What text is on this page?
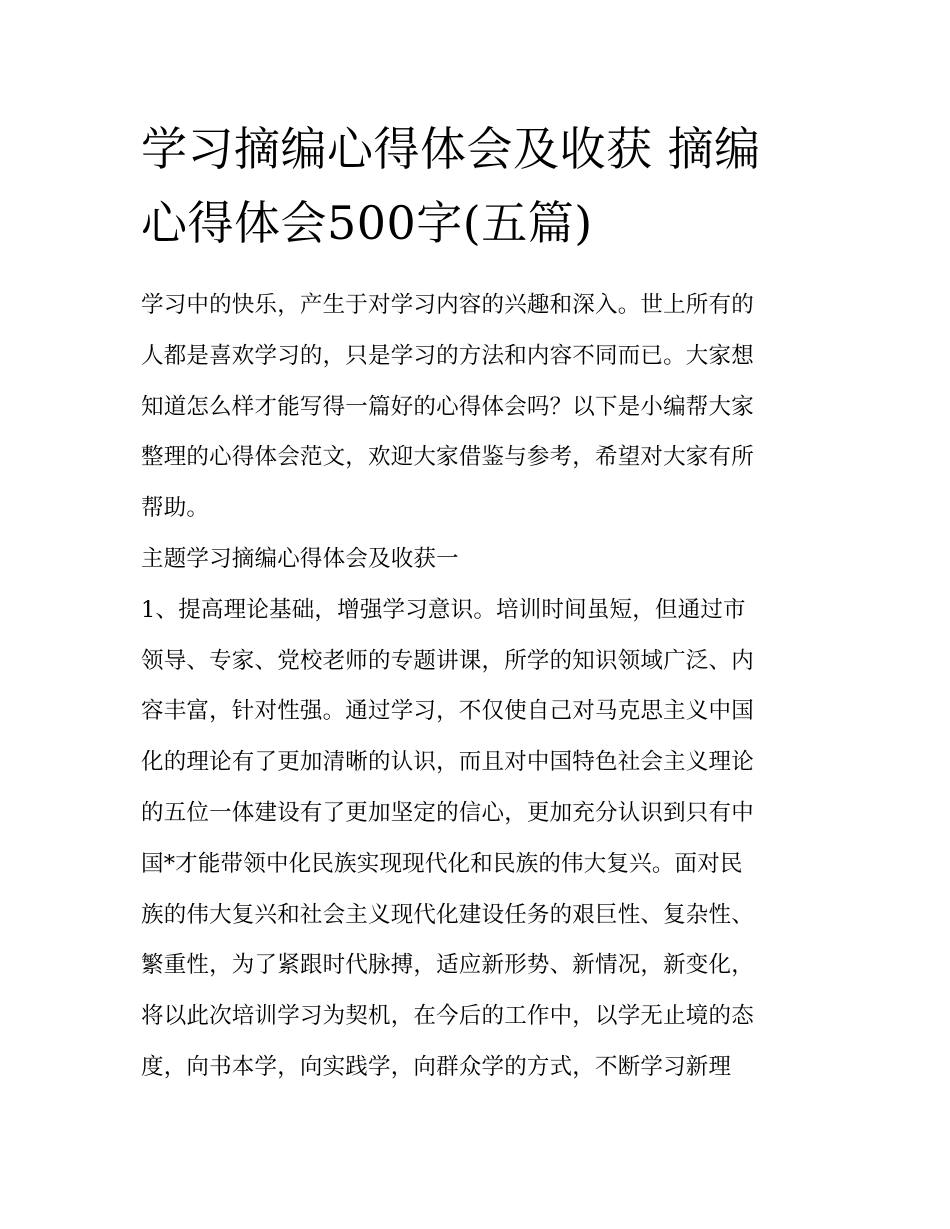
学习摘编心得体会及收获 摘编
心得体会500字(五篇)

学习中的快乐，产生于对学习内容的兴趣和深入。世上所有的

人都是喜欢学习的，只是学习的方法和内容不同而已。大家想

知道怎么样才能写得一篇好的心得体会吗？以下是小编帮大家

整理的心得体会范文，欢迎大家借鉴与参考，希望对大家有所

帮助。

主题学习摘编心得体会及收获一

1、提高理论基础，增强学习意识。培训时间虽短，但通过市

领导、专家、党校老师的专题讲课，所学的知识领域广泛、内

容丰富，针对性强。通过学习，不仅使自己对马克思主义中国

化的理论有了更加清晰的认识，而且对中国特色社会主义理论

的五位一体建设有了更加坚定的信心，更加充分认识到只有中

国*才能带领中化民族实现现代化和民族的伟大复兴。面对民

族的伟大复兴和社会主义现代化建设任务的艰巨性、复杂性、

繁重性，为了紧跟时代脉搏，适应新形势、新情况，新变化，

将以此次培训学习为契机，在今后的工作中，以学无止境的态

度，向书本学，向实践学，向群众学的方式，不断学习新理
